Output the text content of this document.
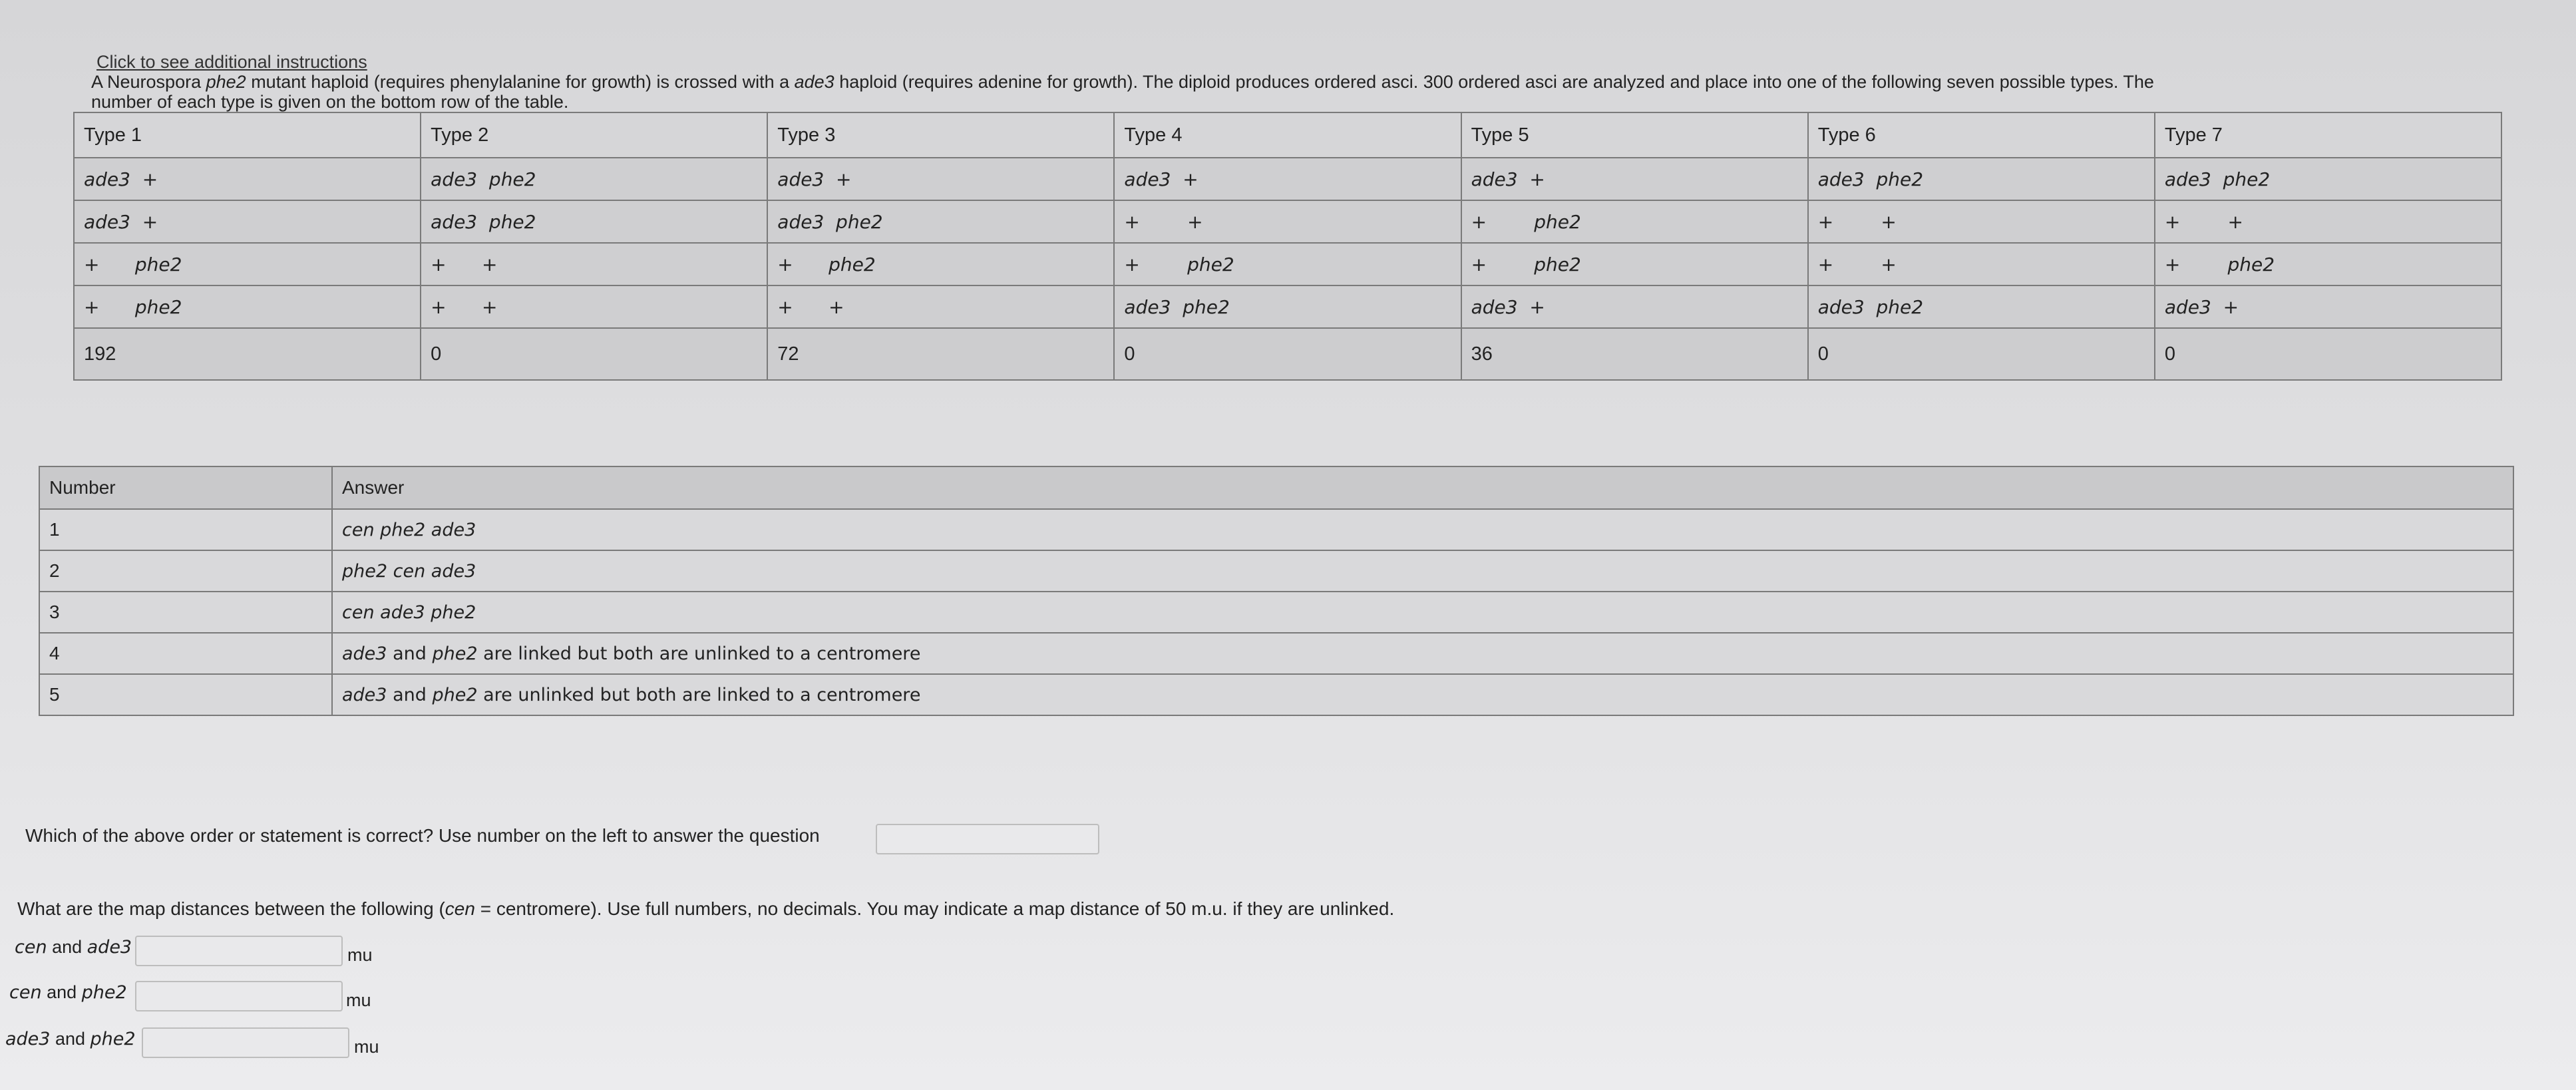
Click to see additional instructions
A Neurospora phe2 mutant haploid (requires phenylalanine for growth) is crossed with a ade3 haploid (requires adenine for growth). The diploid produces ordered asci. 300 ordered asci are analyzed and place into one of the following seven possible types. The
number of each type is given on the bottom row of the table.
Type 1	Type 2	Type 3	Type 4	Type 5	Type 6	Type 7
ade3  +	ade3  phe2	ade3  +	ade3  +	ade3  +	ade3  phe2	ade3  phe2
ade3  +	ade3  phe2	ade3  phe2	+        +	+        phe2	+        +	+        +
+      phe2	+      +	+      phe2	+        phe2	+        phe2	+        +	+        phe2
+      phe2	+      +	+      +	ade3  phe2	ade3  +	ade3  phe2	ade3  +
192	0	72	0	36	0	0
Number	Answer
1	cen phe2 ade3
2	phe2 cen ade3
3	cen ade3 phe2
4	ade3 and phe2 are linked but both are unlinked to a centromere
5	ade3 and phe2 are unlinked but both are linked to a centromere
Which of the above order or statement is correct? Use number on the left to answer the question
What are the map distances between the following (cen = centromere). Use full numbers, no decimals. You may indicate a map distance of 50 m.u. if they are unlinked.
cen and ade3	mu
cen and phe2	mu
ade3 and phe2	mu
